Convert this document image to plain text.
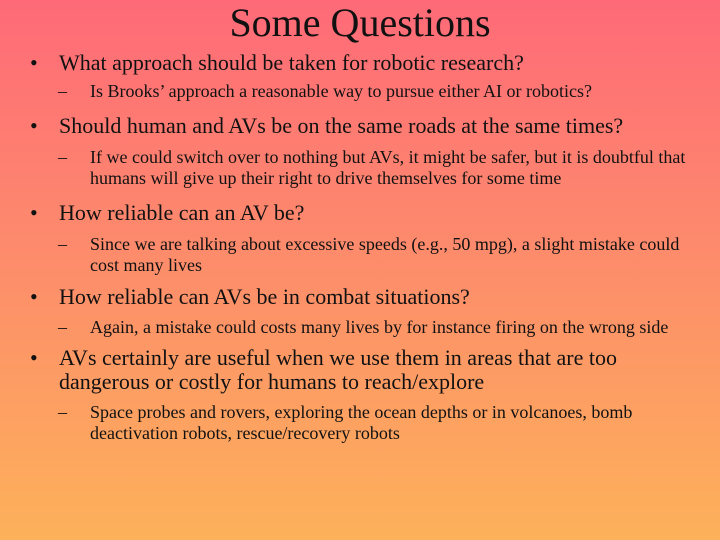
Some Questions
• What approach should be taken for robotic research?
– Is Brooks’ approach a reasonable way to pursue either AI or robotics?
• Should human and AVs be on the same roads at the same times?
– If we could switch over to nothing but AVs, it might be safer, but it is doubtful that humans will give up their right to drive themselves for some time
• How reliable can an AV be?
– Since we are talking about excessive speeds (e.g., 50 mpg), a slight mistake could cost many lives
• How reliable can AVs be in combat situations?
– Again, a mistake could costs many lives by for instance firing on the wrong side
• AVs certainly are useful when we use them in areas that are too dangerous or costly for humans to reach/explore
– Space probes and rovers, exploring the ocean depths or in volcanoes, bomb deactivation robots, rescue/recovery robots
